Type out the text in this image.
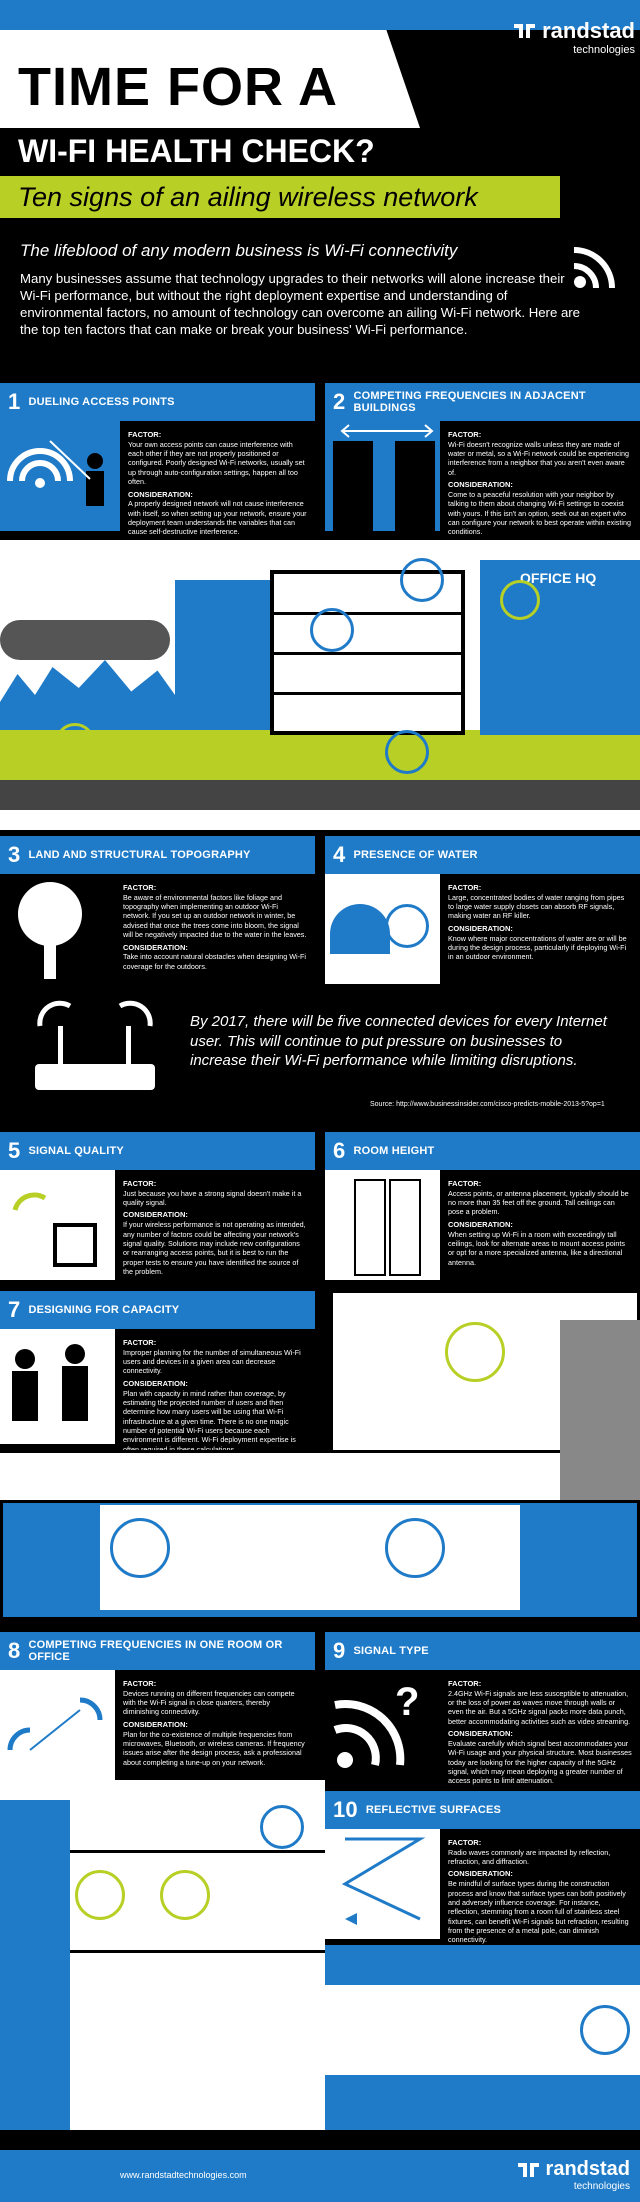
randstad
technologies
TIME FOR A
WI-FI HEALTH CHECK?
Ten signs of an ailing wireless network
The lifeblood of any modern business is Wi-Fi connectivity
Many businesses assume that technology upgrades to their networks will alone increase their Wi-Fi performance, but without the right deployment expertise and understanding of environmental factors, no amount of technology can overcome an ailing Wi-Fi network. Here are the top ten factors that can make or break your business' Wi-Fi performance.
1 DUELING ACCESS POINTS	2 COMPETING FREQUENCIES IN ADJACENT BUILDINGS
FACTOR:
Your own access points can cause interference with each other if they are not properly positioned or configured. Poorly designed Wi-Fi networks, usually set up through auto-configuration settings, happen all too often.
CONSIDERATION:
A properly designed network will not cause interference with itself, so when setting up your network, ensure your deployment team understands the variables that can cause self-destructive interference.
FACTOR:
Wi-Fi doesn't recognize walls unless they are made of water or metal, so a Wi-Fi network could be experiencing interference from a neighbor that you aren't even aware of.
CONSIDERATION:
Come to a peaceful resolution with your neighbor by talking to them about changing Wi-Fi settings to coexist with yours. If this isn't an option, seek out an expert who can configure your network to best operate within existing conditions.
OFFICE HQ
3 LAND AND STRUCTURAL TOPOGRAPHY	4 PRESENCE OF WATER
FACTOR:
Be aware of environmental factors like foliage and topography when implementing an outdoor Wi-Fi network. If you set up an outdoor network in winter, be advised that once the trees come into bloom, the signal will be negatively impacted due to the water in the leaves.
CONSIDERATION:
Take into account natural obstacles when designing Wi-Fi coverage for the outdoors.
FACTOR:
Large, concentrated bodies of water ranging from pipes to large water supply closets can absorb RF signals, making water an RF killer.
CONSIDERATION:
Know where major concentrations of water are or will be during the design process, particularly if deploying Wi-Fi in an outdoor environment.
By 2017, there will be five connected devices for every Internet user. This will continue to put pressure on businesses to increase their Wi-Fi performance while limiting disruptions.
Source: http://www.businessinsider.com/cisco-predicts-mobile-2013-5?op=1
5 SIGNAL QUALITY	6 ROOM HEIGHT
FACTOR:
Just because you have a strong signal doesn't make it a quality signal.
CONSIDERATION:
If your wireless performance is not operating as intended, any number of factors could be affecting your network's signal quality. Solutions may include new configurations or rearranging access points, but it is best to run the proper tests to ensure you have identified the source of the problem.
FACTOR:
Access points, or antenna placement, typically should be no more than 35 feet off the ground. Tall ceilings can pose a problem.
CONSIDERATION:
When setting up Wi-Fi in a room with exceedingly tall ceilings, look for alternate areas to mount access points or opt for a more specialized antenna, like a directional antenna.
7 DESIGNING FOR CAPACITY
FACTOR:
Improper planning for the number of simultaneous Wi-Fi users and devices in a given area can decrease connectivity.
CONSIDERATION:
Plan with capacity in mind rather than coverage, by estimating the projected number of users and then determine how many users will be using that Wi-Fi infrastructure at a given time. There is no one magic number of potential Wi-Fi users because each environment is different. Wi-Fi deployment expertise is
8 COMPETING FREQUENCIES IN ONE ROOM OR OFFICE	9 SIGNAL TYPE
FACTOR:
Devices running on different frequencies can compete with the Wi-Fi signal in close quarters, thereby diminishing connectivity.
CONSIDERATION:
Plan for the co-existence of multiple frequencies from microwaves, Bluetooth, or wireless cameras. If frequency issues arise after the design process, ask a professional about completing a tune-up on your network.
?	FACTOR:
2.4GHz Wi-Fi signals are less susceptible to attenuation, or the loss of power as waves move through walls or even the air. But a 5GHz signal packs more data punch, better accommodating activities such as video streaming.
CONSIDERATION:
Evaluate carefully which signal best accommodates your Wi-Fi usage and your physical structure. Most businesses today are looking for the higher capacity of the 5GHz signal, which may mean deploying a greater number of access points to limit attenuation.
10 REFLECTIVE SURFACES
FACTOR:
Radio waves commonly are impacted by reflection, refraction, and diffraction.
CONSIDERATION:
Be mindful of surface types during the construction process and know that surface types can both positively and adversely influence coverage. For instance, reflection, stemming from a room full of stainless steel fixtures, can benefit Wi-Fi signals but refraction, resulting from the presence of a metal pole, can diminish connectivity.
www.randstadtechnologies.com	randstad
technologies
